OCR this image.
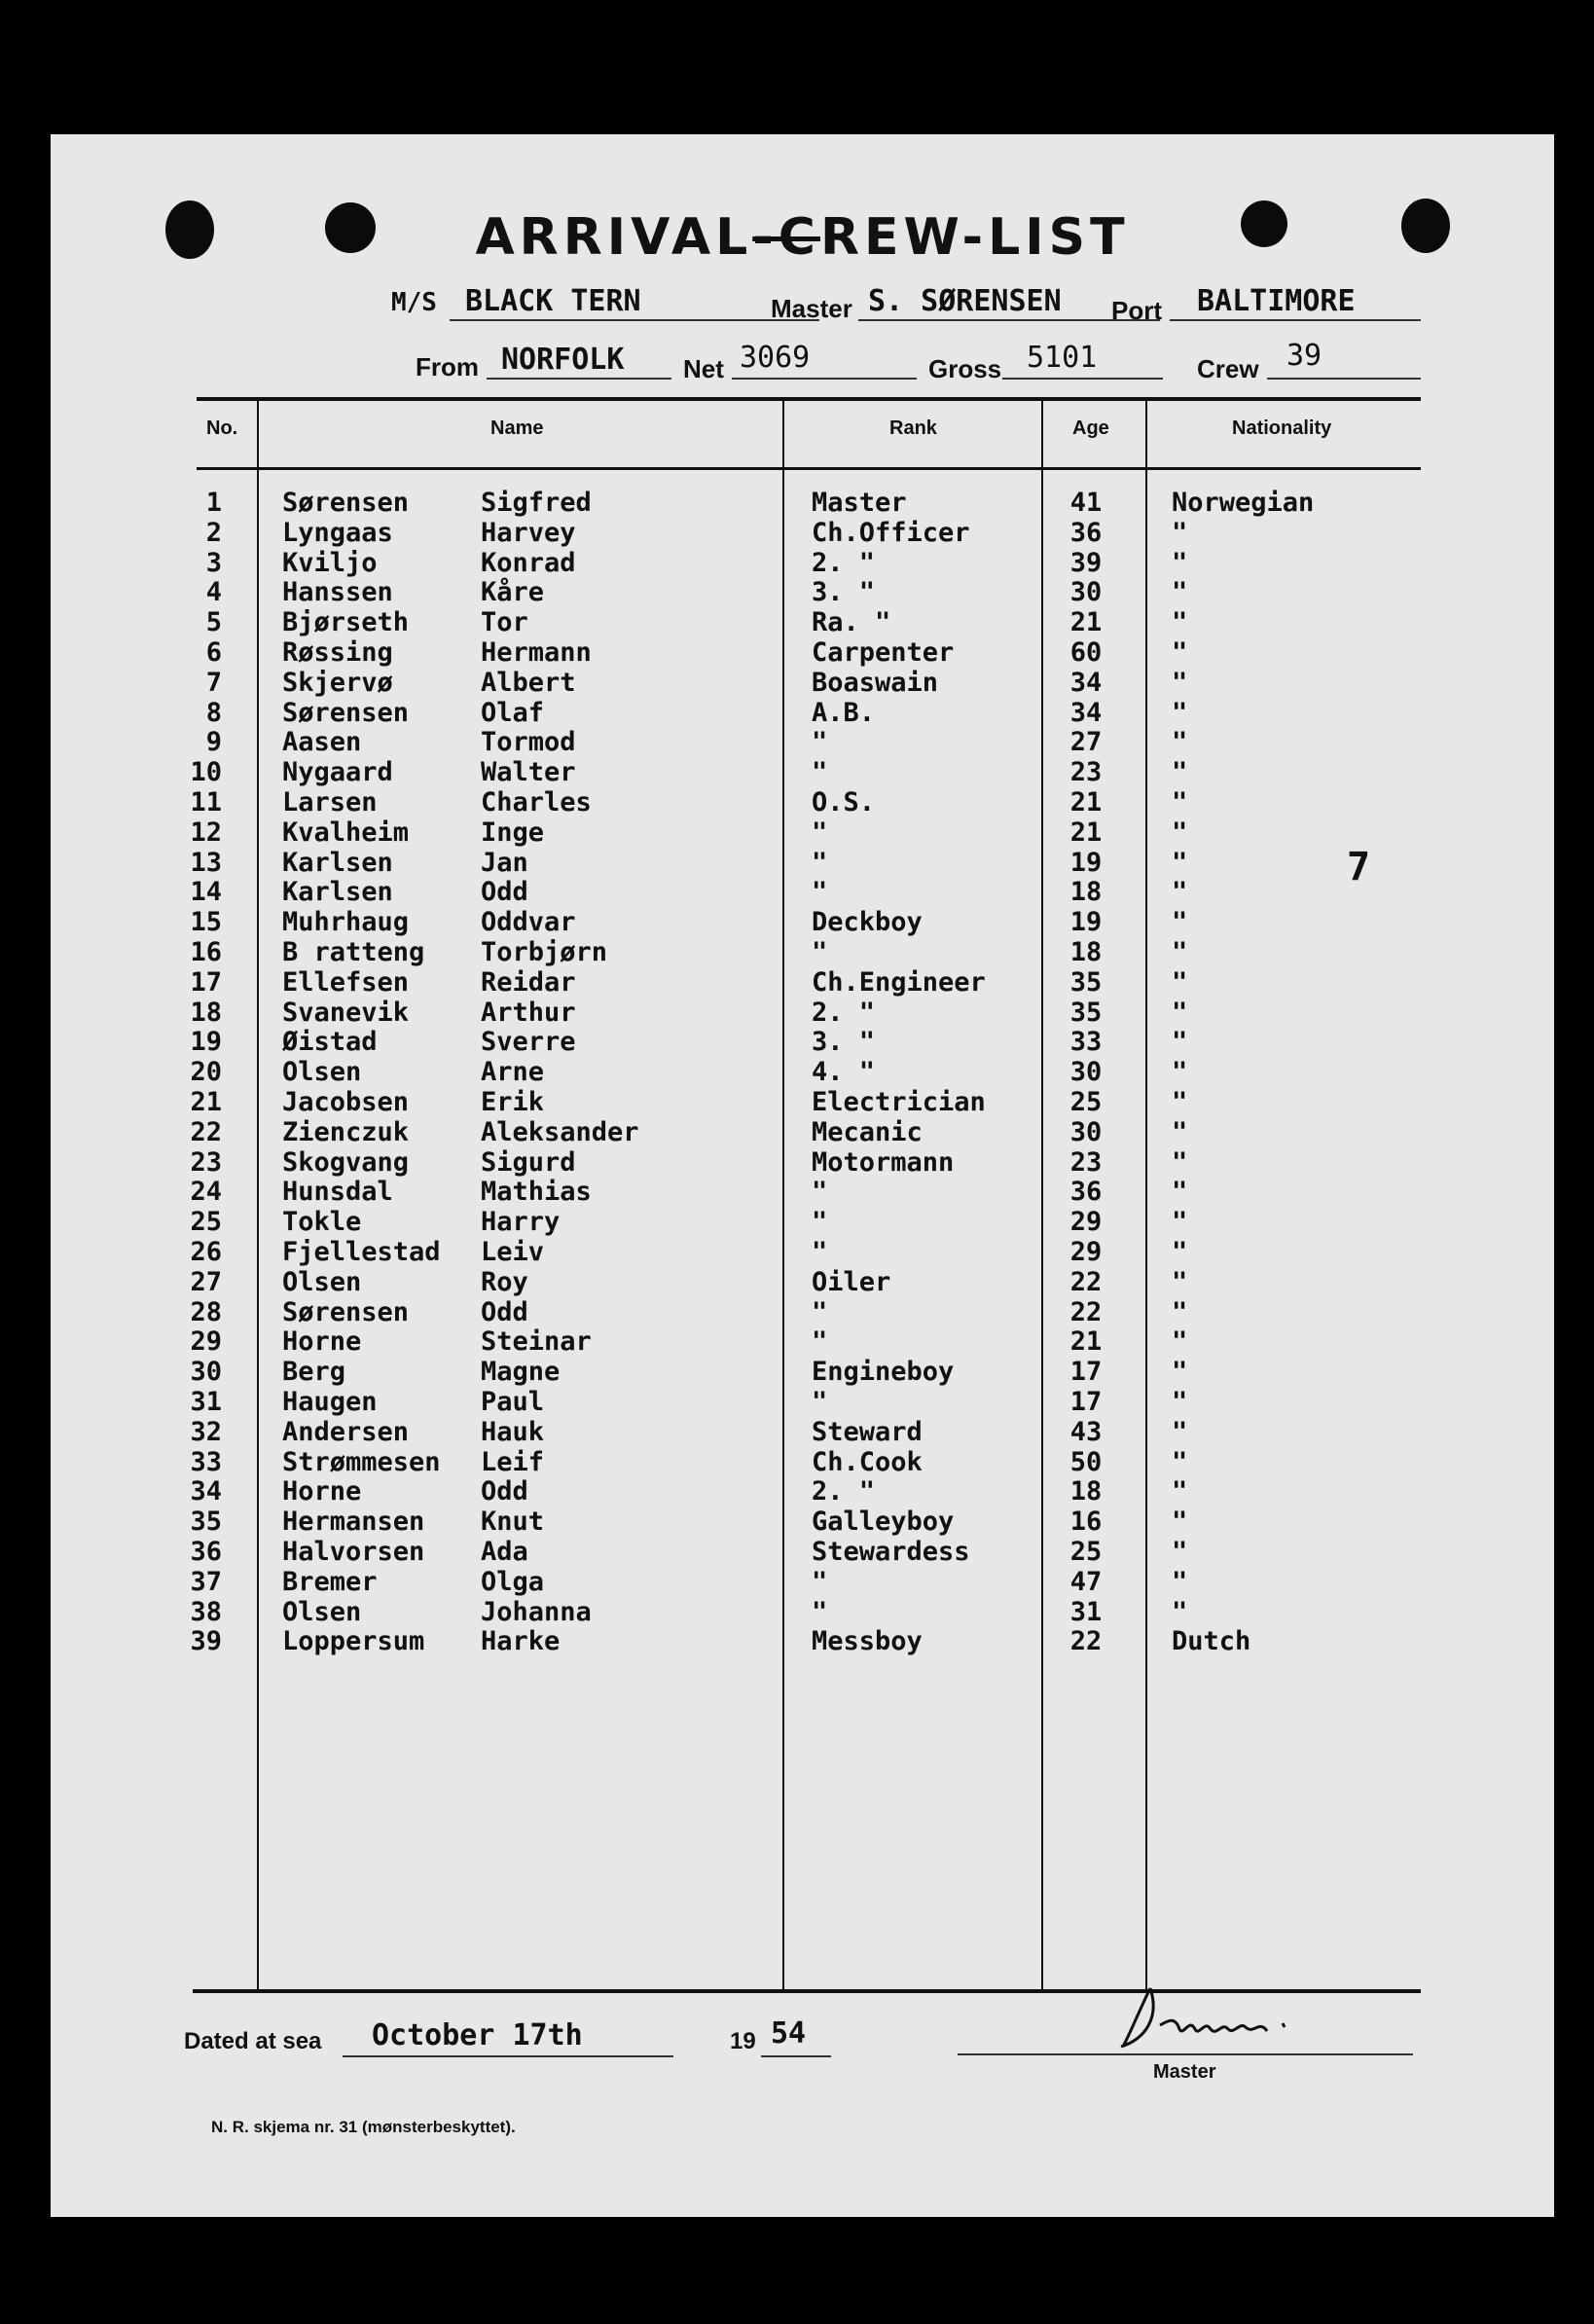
ARRIVAL-CREW-LIST
M/S BLACK TERN	Master S. SØRENSEN Port BALTIMORE
From NORFOLK Net 3069	Gross 5101	Crew 39
No.	Name	Rank	Age	Nationality
1 Sørensen	Sigfred	Master	41	Norwegian
2 Lyngaas	Harvey	Ch.Officer	36	"
3 Kviljo	Konrad	2. "	39	"
4 Hanssen	Kåre	3. "	30	"
5 Bjørseth	Tor	Ra. "	21	"
6 Røssing	Hermann	Carpenter	60	"
7 Skjervø	Albert	Boaswain	34	"
8 Sørensen	Olaf	A.B.	34	"
9 Aasen	Tormod	"	27	"
10 Nygaard	Walter	"	23	"
11 Larsen	Charles	O.S.	21	"
12 Kvalheim	Inge	"	21	"
13 Karlsen	Jan	"	19	"
14 Karlsen	Odd	"	18	"
15 Muhrhaug	Oddvar	Deckboy	19	"
16 B ratteng Torbjørn	"	18	"
17 Ellefsen	Reidar	Ch.Engineer	35	"
18 Svanevik	Arthur	2. "	35	"
19 Øistad	Sverre	3. "	33	"
20 Olsen	Arne	4. "	30	"
21 Jacobsen	Erik	Electrician	25	"
22 Zienczuk	Aleksander	Mecanic	30	"
23 Skogvang	Sigurd	Motormann	23	"
24 Hunsdal	Mathias	"	36	"
25 Tokle	Harry	"	29	"
26 Fjellestad Leiv	"	29	"
27 Olsen	Roy	Oiler	22	"
28 Sørensen	Odd	"	22	"
29 Horne	Steinar	"	21	"
30 Berg	Magne	Engineboy	17	"
31 Haugen	Paul	"	17	"
32 Andersen	Hauk	Steward	43	"
33 Strømmesen Leif	Ch.Cook	50	"
34 Horne	Odd	2. "	18	"
35 Hermansen Knut	Galleyboy	16	"
36 Halvorsen Ada	Stewardess	25	"
37 Bremer	Olga	"	47	"
38 Olsen	Johanna	"	31	"
39 Loppersum Harke	Messboy	22	Dutch
7
Dated at sea October 17th	19 54
Master
N. R. skjema nr. 31 (mønsterbeskyttet).
